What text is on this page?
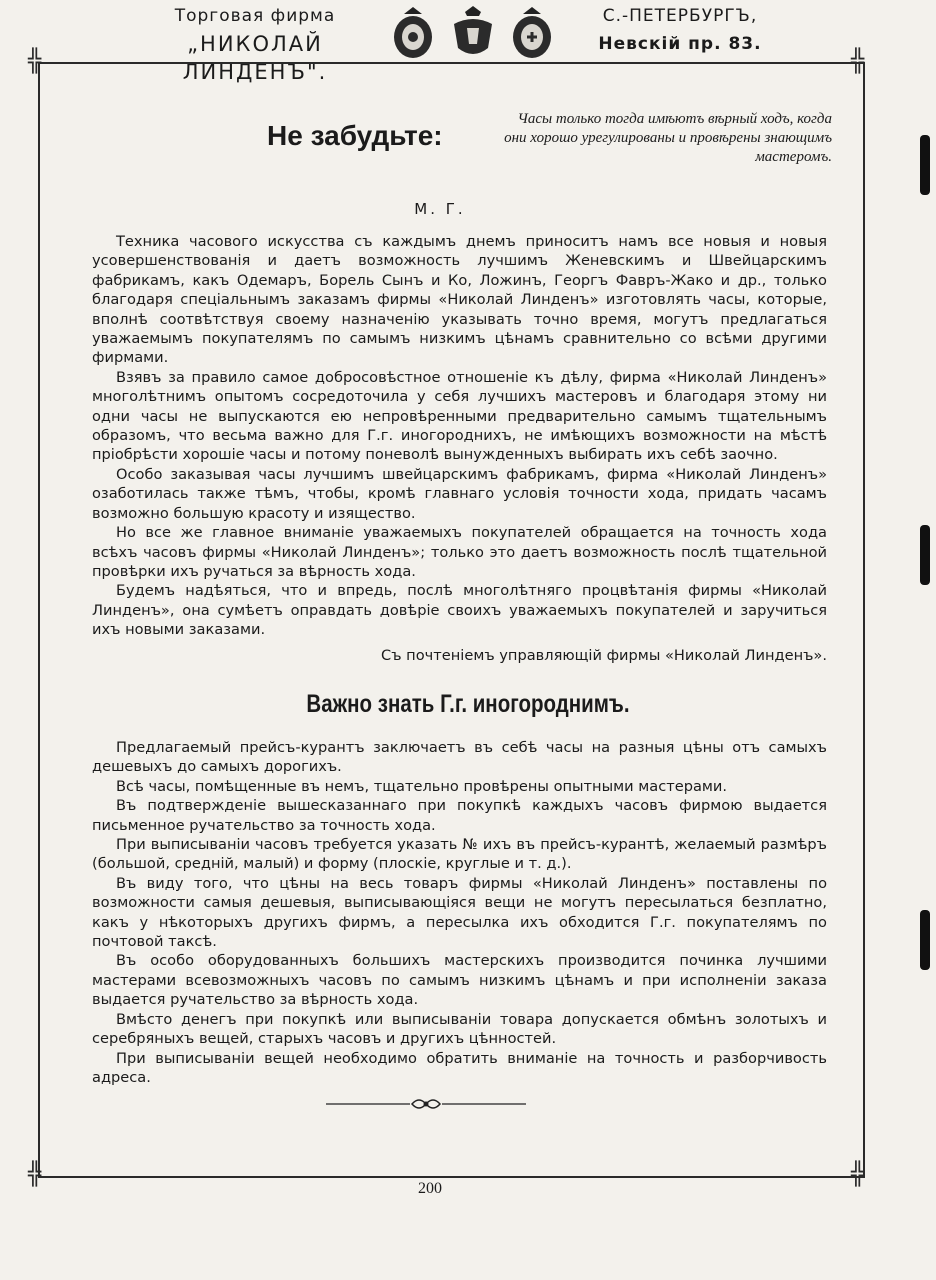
Торговая фирма
„НИКОЛАЙ ЛИНДЕНЪ".
С.-ПЕТЕРБУРГЪ,
Невскій пр. 83.
╬	╬
╬	╬
Не забудьте:
Часы только тогда имѣютъ вѣрный ходъ, когда они хорошо урегулированы и провѣрены знающимъ мастеромъ.
М. Г.

Техника часового искусства съ каждымъ днемъ приноситъ намъ все новыя и новыя усовершенствованія и даетъ возможность лучшимъ Женевскимъ и Швейцарскимъ фабрикамъ, какъ Одемаръ, Борель Сынъ и Ко, Ложинъ, Георгъ Фавръ-Жако и др., только благодаря спеціальнымъ заказамъ фирмы «Николай Линденъ» изготовлять часы, которые, вполнѣ соотвѣтствуя своему назначенію указывать точно время, могутъ предлагаться уважаемымъ покупателямъ по самымъ низкимъ цѣнамъ сравнительно со всѣми другими фирмами.

Взявъ за правило самое добросовѣстное отношеніе къ дѣлу, фирма «Николай Линденъ» многолѣтнимъ опытомъ сосредоточила у себя лучшихъ мастеровъ и благодаря этому ни одни часы не выпускаются ею непровѣренными предварительно самымъ тщательнымъ образомъ, что весьма важно для Г.г. иногороднихъ, не имѣющихъ возможности на мѣстѣ пріобрѣсти хорошіе часы и потому поневолѣ вынужденныхъ выбирать ихъ себѣ заочно.

Особо заказывая часы лучшимъ швейцарскимъ фабрикамъ, фирма «Николай Линденъ» озаботилась также тѣмъ, чтобы, кромѣ главнаго условія точности хода, придать часамъ возможно большую красоту и изящество.

Но все же главное вниманіе уважаемыхъ покупателей обращается на точность хода всѣхъ часовъ фирмы «Николай Линденъ»; только это даетъ возможность послѣ тщательной провѣрки ихъ ручаться за вѣрность хода.

Будемъ надѣяться, что и впредь, послѣ многолѣтняго процвѣтанія фирмы «Николай Линденъ», она сумѣетъ оправдать довѣріе своихъ уважаемыхъ покупателей и заручиться ихъ новыми заказами.

Съ почтеніемъ управляющій фирмы «Николай Линденъ».

Важно знать Г.г. иногороднимъ.

Предлагаемый прейсъ-курантъ заключаетъ въ себѣ часы на разныя цѣны отъ самыхъ дешевыхъ до самыхъ дорогихъ.

Всѣ часы, помѣщенные въ немъ, тщательно провѣрены опытными мастерами.

Въ подтвержденіе вышесказаннаго при покупкѣ каждыхъ часовъ фирмою выдается письменное ручательство за точность хода.

При выписываніи часовъ требуется указать № ихъ въ прейсъ-курантѣ, желаемый размѣръ (большой, средній, малый) и форму (плоскіе, круглые и т. д.).

Въ виду того, что цѣны на весь товаръ фирмы «Николай Линденъ» поставлены по возможности самыя дешевыя, выписывающіяся вещи не могутъ пересылаться безплатно, какъ у нѣкоторыхъ другихъ фирмъ, а пересылка ихъ обходится Г.г. покупателямъ по почтовой таксѣ.

Въ особо оборудованныхъ большихъ мастерскихъ производится починка лучшими мастерами всевозможныхъ часовъ по самымъ низкимъ цѣнамъ и при исполненіи заказа выдается ручательство за вѣрность хода.

Вмѣсто денегъ при покупкѣ или выписываніи товара допускается обмѣнъ золотыхъ и серебряныхъ вещей, старыхъ часовъ и другихъ цѣнностей.

При выписываніи вещей необходимо обратить вниманіе на точность и разборчивость адреса.

200
